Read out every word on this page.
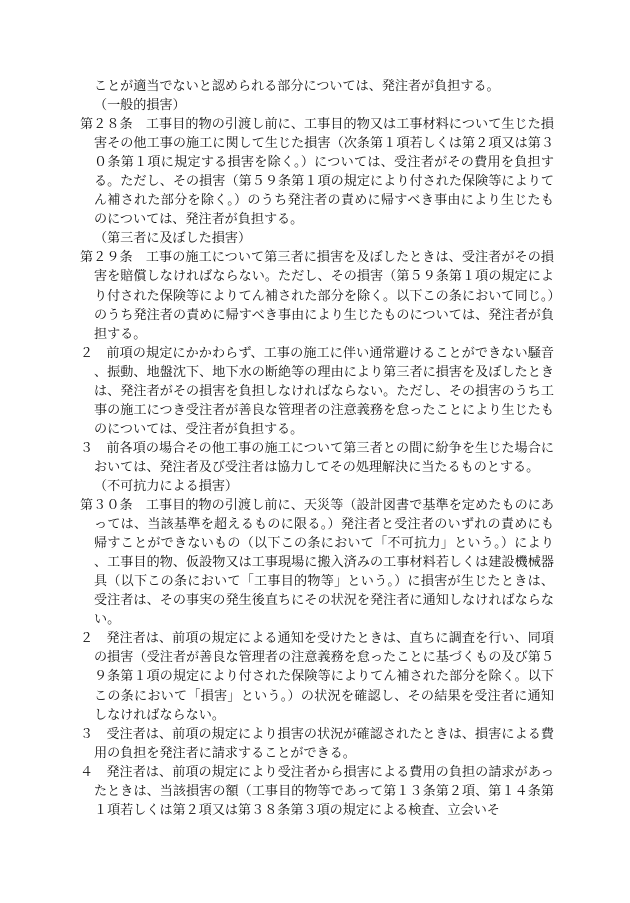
ことが適当でないと認められる部分については、発注者が負担する。

（一般的損害）

第２８条　工事目的物の引渡し前に、工事目的物又は工事材料について生じた損害その他工事の施工に関して生じた損害（次条第１項若しくは第２項又は第３０条第１項に規定する損害を除く。）については、受注者がその費用を負担する。ただし、その損害（第５９条第１項の規定により付された保険等によりてん補された部分を除く。）のうち発注者の責めに帰すべき事由により生じたものについては、発注者が負担する。

（第三者に及ぼした損害）

第２９条　工事の施工について第三者に損害を及ぼしたときは、受注者がその損害を賠償しなければならない。ただし、その損害（第５９条第１項の規定により付された保険等によりてん補された部分を除く。以下この条において同じ。）のうち発注者の責めに帰すべき事由により生じたものについては、発注者が負担する。

２　前項の規定にかかわらず、工事の施工に伴い通常避けることができない騒音、振動、地盤沈下、地下水の断絶等の理由により第三者に損害を及ぼしたときは、発注者がその損害を負担しなければならない。ただし、その損害のうち工事の施工につき受注者が善良な管理者の注意義務を怠ったことにより生じたものについては、受注者が負担する。

３　前各項の場合その他工事の施工について第三者との間に紛争を生じた場合においては、発注者及び受注者は協力してその処理解決に当たるものとする。

（不可抗力による損害）

第３０条　工事目的物の引渡し前に、天災等（設計図書で基準を定めたものにあっては、当該基準を超えるものに限る。）発注者と受注者のいずれの責めにも帰すことができないもの（以下この条において「不可抗力」という。）により、工事目的物、仮設物又は工事現場に搬入済みの工事材料若しくは建設機械器具（以下この条において「工事目的物等」という。）に損害が生じたときは、受注者は、その事実の発生後直ちにその状況を発注者に通知しなければならない。

２　発注者は、前項の規定による通知を受けたときは、直ちに調査を行い、同項の損害（受注者が善良な管理者の注意義務を怠ったことに基づくもの及び第５９条第１項の規定により付された保険等によりてん補された部分を除く。以下この条において「損害」という。）の状況を確認し、その結果を受注者に通知しなければならない。

３　受注者は、前項の規定により損害の状況が確認されたときは、損害による費用の負担を発注者に請求することができる。

４　発注者は、前項の規定により受注者から損害による費用の負担の請求があったときは、当該損害の額（工事目的物等であって第１３条第２項、第１４条第１項若しくは第２項又は第３８条第３項の規定による検査、立会いそ
